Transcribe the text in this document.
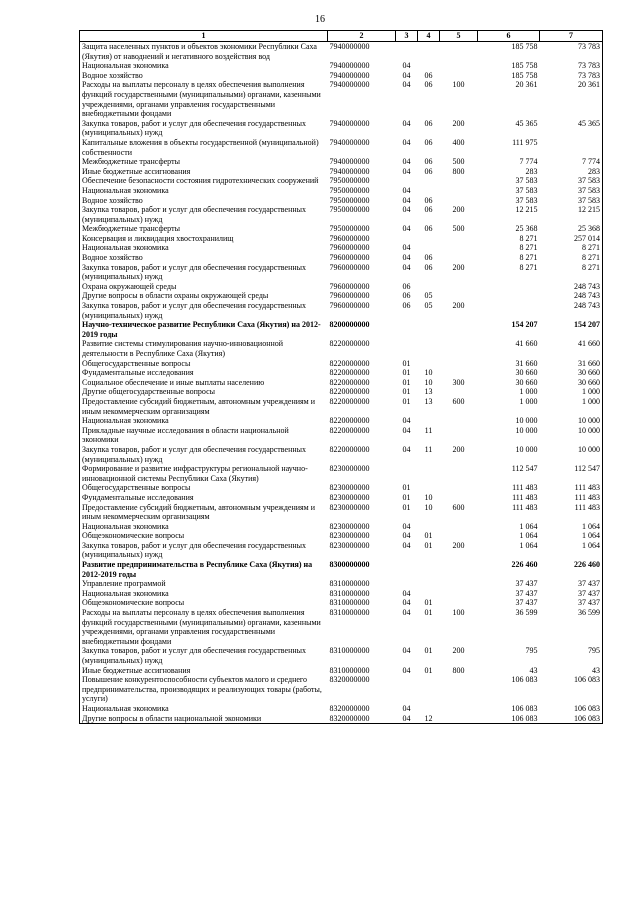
16
1	2	3	4	5	6	7
Защита населенных пунктов и объектов экономики Республики Саха (Якутия) от наводнений и негативного воздействия вод	7940000000				185 758	73 783
Национальная экономика	7940000000	04			185 758	73 783
Водное хозяйство	7940000000	04	06		185 758	73 783
Расходы на выплаты персоналу в целях обеспечения выполнения функций государственными (муниципальными) органами, казенными учреждениями, органами управления государственными внебюджетными фондами	7940000000	04	06	100	20 361	20 361
Закупка товаров, работ и услуг для обеспечения государственных (муниципальных) нужд	7940000000	04	06	200	45 365	45 365
Капитальные вложения в объекты государственной (муниципальной) собственности	7940000000	04	06	400	111 975	
Межбюджетные трансферты	7940000000	04	06	500	7 774	7 774
Иные бюджетные ассигнования	7940000000	04	06	800	283	283
Обеспечение безопасности состояния гидротехнических сооружений	7950000000				37 583	37 583
Национальная экономика	7950000000	04			37 583	37 583
Водное хозяйство	7950000000	04	06		37 583	37 583
Закупка товаров, работ и услуг для обеспечения государственных (муниципальных) нужд	7950000000	04	06	200	12 215	12 215
Межбюджетные трансферты	7950000000	04	06	500	25 368	25 368
Консервация и ликвидация хвостохранилищ	7960000000				8 271	257 014
Национальная экономика	7960000000	04			8 271	8 271
Водное хозяйство	7960000000	04	06		8 271	8 271
Закупка товаров, работ и услуг для обеспечения государственных (муниципальных) нужд	7960000000	04	06	200	8 271	8 271
Охрана окружающей среды	7960000000	06				248 743
Другие вопросы в области охраны окружающей среды	7960000000	06	05			248 743
Закупка товаров, работ и услуг для обеспечения государственных (муниципальных) нужд	7960000000	06	05	200		248 743
Научно-техническое развитие Республики Саха (Якутия) на 2012-2019 годы	8200000000				154 207	154 207
Развитие системы стимулирования научно-инновационной деятельности в Республике Саха (Якутия)	8220000000				41 660	41 660
Общегосударственные вопросы	8220000000	01			31 660	31 660
Фундаментальные исследования	8220000000	01	10		30 660	30 660
Социальное обеспечение и иные выплаты населению	8220000000	01	10	300	30 660	30 660
Другие общегосударственные вопросы	8220000000	01	13		1 000	1 000
Предоставление субсидий бюджетным, автономным учреждениям и иным некоммерческим организациям	8220000000	01	13	600	1 000	1 000
Национальная экономика	8220000000	04			10 000	10 000
Прикладные научные исследования в области национальной экономики	8220000000	04	11		10 000	10 000
Закупка товаров, работ и услуг для обеспечения государственных (муниципальных) нужд	8220000000	04	11	200	10 000	10 000
Формирование и развитие инфраструктуры региональной научно-инновационной системы Республики Саха (Якутия)	8230000000				112 547	112 547
Общегосударственные вопросы	8230000000	01			111 483	111 483
Фундаментальные исследования	8230000000	01	10		111 483	111 483
Предоставление субсидий бюджетным, автономным учреждениям и иным некоммерческим организациям	8230000000	01	10	600	111 483	111 483
Национальная экономика	8230000000	04			1 064	1 064
Общеэкономические вопросы	8230000000	04	01		1 064	1 064
Закупка товаров, работ и услуг для обеспечения государственных (муниципальных) нужд	8230000000	04	01	200	1 064	1 064
Развитие предпринимательства в Республике Саха (Якутия) на 2012-2019 годы	8300000000				226 460	226 460
Управление программой	8310000000				37 437	37 437
Национальная экономика	8310000000	04			37 437	37 437
Общеэкономические вопросы	8310000000	04	01		37 437	37 437
Расходы на выплаты персоналу в целях обеспечения выполнения функций государственными (муниципальными) органами, казенными учреждениями, органами управления государственными внебюджетными фондами	8310000000	04	01	100	36 599	36 599
Закупка товаров, работ и услуг для обеспечения государственных (муниципальных) нужд	8310000000	04	01	200	795	795
Иные бюджетные ассигнования	8310000000	04	01	800	43	43
Повышение конкурентоспособности субъектов малого и среднего предпринимательства, производящих и реализующих товары (работы, услуги)	8320000000				106 083	106 083
Национальная экономика	8320000000	04			106 083	106 083
Другие вопросы в области национальной экономики	8320000000	04	12		106 083	106 083
